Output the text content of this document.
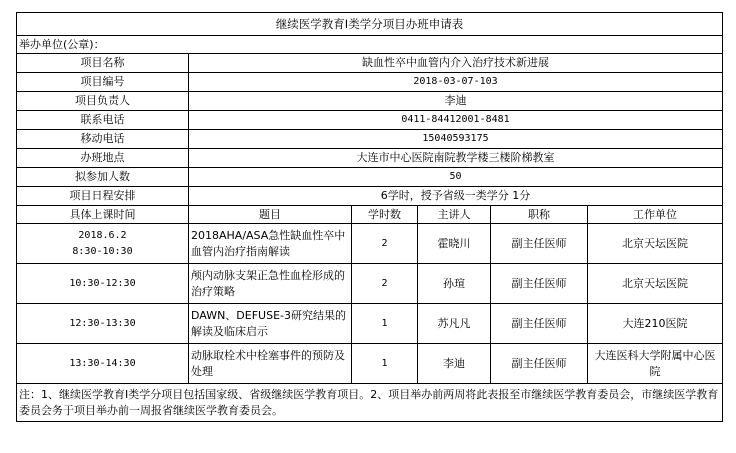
继续医学教育I类学分项目办班申请表					
举办单位(公章)：					
项目名称	缺血性卒中血管内介入治疗技术新进展				
项目编号	2018-03-07-103				
项目负责人	李迪				
联系电话	0411-84412001-8481				
移动电话	15040593175				
办班地点	大连市中心医院南院教学楼三楼阶梯教室				
拟参加人数	50				
项目日程安排	6学时，授予省级一类学分 1分				
具体上课时间	题目	学时数	主讲人	职称	工作单位

2018.6.2
8:30-10:30	2018AHA/ASA急性缺血性卒中血管内治疗指南解读	2	霍晓川	副主任医师	北京天坛医院
10:30-12:30	颅内动脉支架正急性血栓形成的治疗策略	2	孙瑄	副主任医师	北京天坛医院
12:30-13:30	DAWN、DEFUSE-3研究结果的解读及临床启示	1	苏凡凡	副主任医师	大连210医院
13:30-14:30	动脉取栓术中栓塞事件的预防及处理	1	李迪	副主任医师	大连医科大学附属中心医院
注：1、继续医学教育Ⅰ类学分项目包括国家级、省级继续医学教育项目。2、项目举办前两周将此表报至市继续医学教育委员会，市继续医学教育委员会务于项目举办前一周报省继续医学教育委员会。					
